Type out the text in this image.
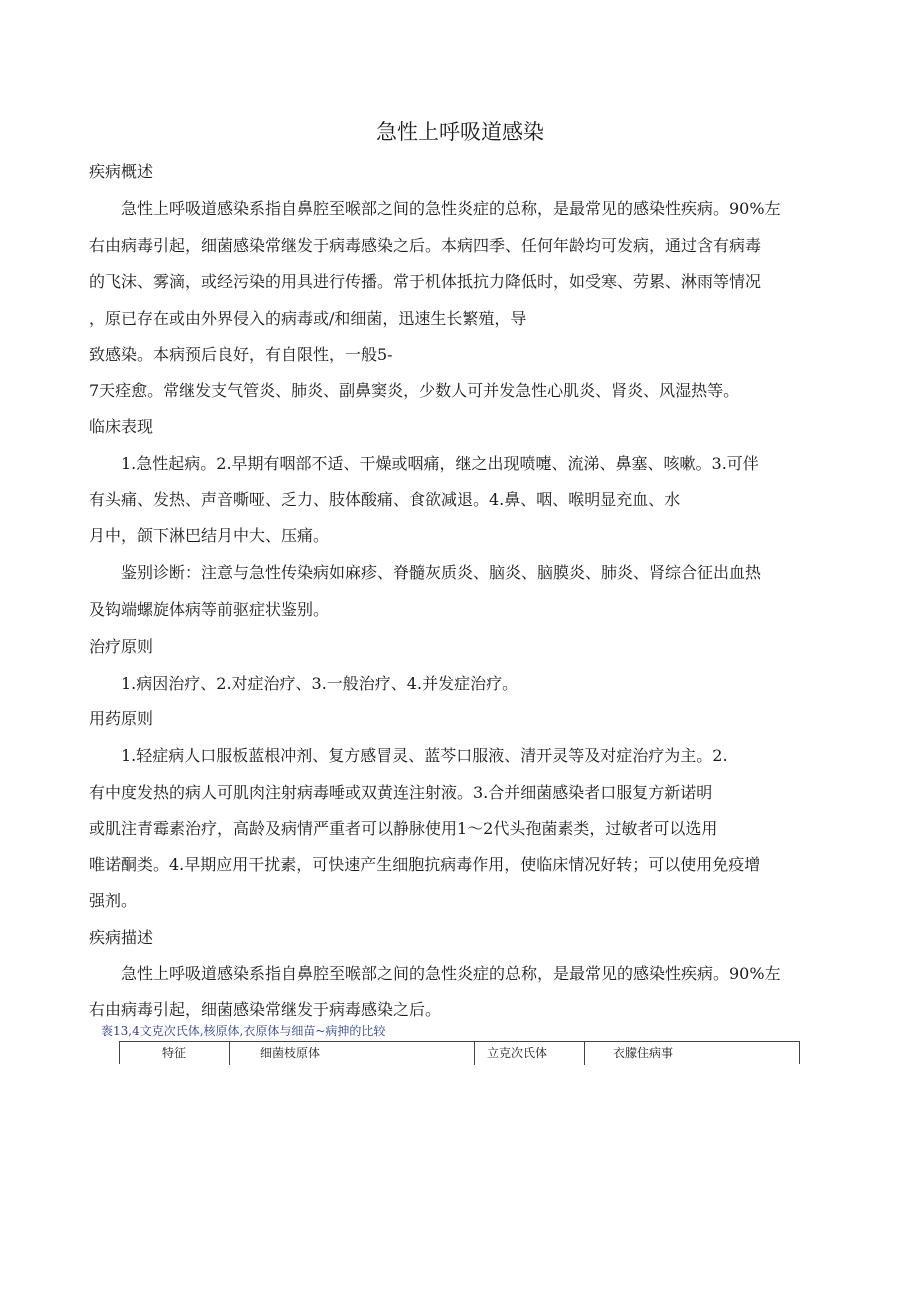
急性上呼吸道感染
疾病概述
急性上呼吸道感染系指自鼻腔至喉部之间的急性炎症的总称，是最常见的感染性疾病。90%左
右由病毒引起，细菌感染常继发于病毒感染之后。本病四季、任何年龄均可发病，通过含有病毒
的飞沫、雾滴，或经污染的用具进行传播。常于机体抵抗力降低时，如受寒、劳累、淋雨等情况
，原已存在或由外界侵入的病毒或/和细菌，迅速生长繁殖，导
致感染。本病预后良好，有自限性，一般5-
7天痊愈。常继发支气管炎、肺炎、副鼻窦炎，少数人可并发急性心肌炎、肾炎、风湿热等。
临床表现
1.急性起病。2.早期有咽部不适、干燥或咽痛，继之出现喷嚏、流涕、鼻塞、咳嗽。3.可伴
有头痛、发热、声音嘶哑、乏力、肢体酸痛、食欲减退。4.鼻、咽、喉明显充血、水
月中，颌下淋巴结月中大、压痛。
鉴别诊断：注意与急性传染病如麻疹、脊髓灰质炎、脑炎、脑膜炎、肺炎、肾综合征出血热
及钩端螺旋体病等前驱症状鉴别。
治疗原则
1.病因治疗、2.对症治疗、3.一般治疗、4.并发症治疗。
用药原则
1.轻症病人口服板蓝根冲剂、复方感冒灵、蓝芩口服液、清开灵等及对症治疗为主。2.
有中度发热的病人可肌肉注射病毒唾或双黄连注射液。3.合并细菌感染者口服复方新诺明
或肌注青霉素治疗，高龄及病情严重者可以静脉使用1～2代头孢菌素类，过敏者可以选用
唯诺酮类。4.早期应用干扰素，可快速产生细胞抗病毒作用，使临床情况好转；可以使用免疫增
强剂。
疾病描述
急性上呼吸道感染系指自鼻腔至喉部之间的急性炎症的总称，是最常见的感染性疾病。90%左
右由病毒引起，细菌感染常继发于病毒感染之后。
袠13,4文克次氏体,核原体,衣原体与细苗~病抻的比较
特征	细菌枝原体	立克次氏体	衣朦住病事
